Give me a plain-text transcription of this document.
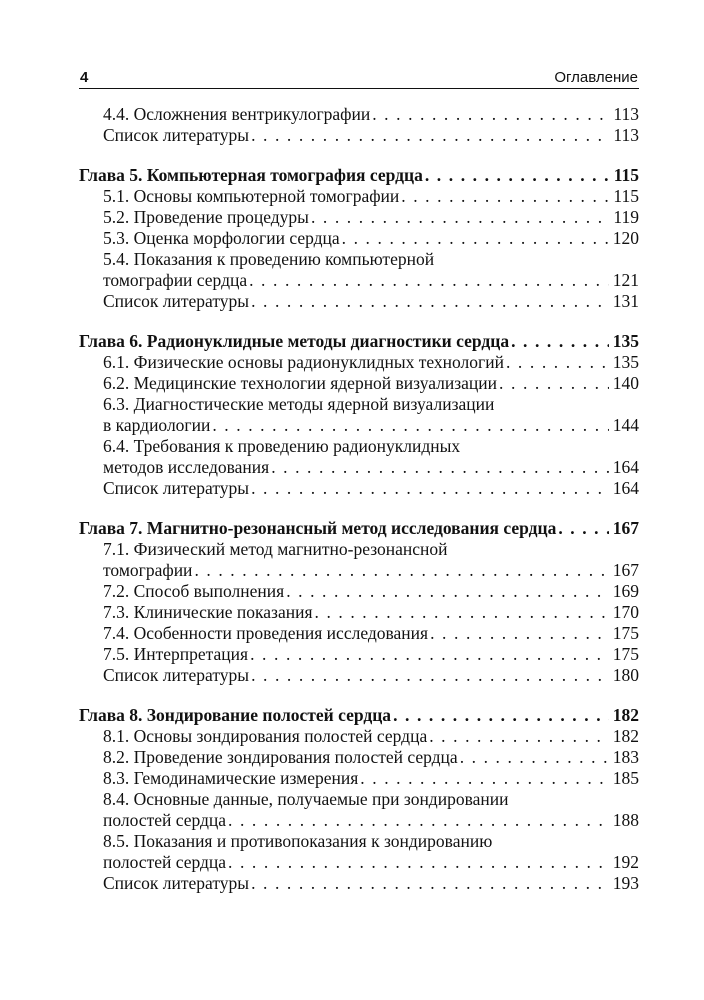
4	Оглавление
4.4. Осложнения вентрикулографии . . .	113
Список литературы . . .	113
Глава 5. Компьютерная томография сердца . . .	115
5.1. Основы компьютерной томографии . . .	115
5.2. Проведение процедуры . . .	119
5.3. Оценка морфологии сердца . . .	120
5.4. Показания к проведению компьютерной
томографии сердца . . .	121
Список литературы . . .	131
Глава 6. Радионуклидные методы диагностики сердца . . .	135
6.1. Физические основы радионуклидных технологий . . .	135
6.2. Медицинские технологии ядерной визуализации . . .	140
6.3. Диагностические методы ядерной визуализации
в кардиологии . . .	144
6.4. Требования к проведению радионуклидных
методов исследования . . .	164
Список литературы . . .	164
Глава 7. Магнитно-резонансный метод исследования сердца . . .	167
7.1. Физический метод магнитно-резонансной
томографии . . .	167
7.2. Способ выполнения . . .	169
7.3. Клинические показания . . .	170
7.4. Особенности проведения исследования . . .	175
7.5. Интерпретация . . .	175
Список литературы . . .	180
Глава 8. Зондирование полостей сердца . . .	182
8.1. Основы зондирования полостей сердца . . .	182
8.2. Проведение зондирования полостей сердца . . .	183
8.3. Гемодинамические измерения . . .	185
8.4. Основные данные, получаемые при зондировании
полостей сердца . . .	188
8.5. Показания и противопоказания к зондированию
полостей сердца . . .	192
Список литературы . . .	193
